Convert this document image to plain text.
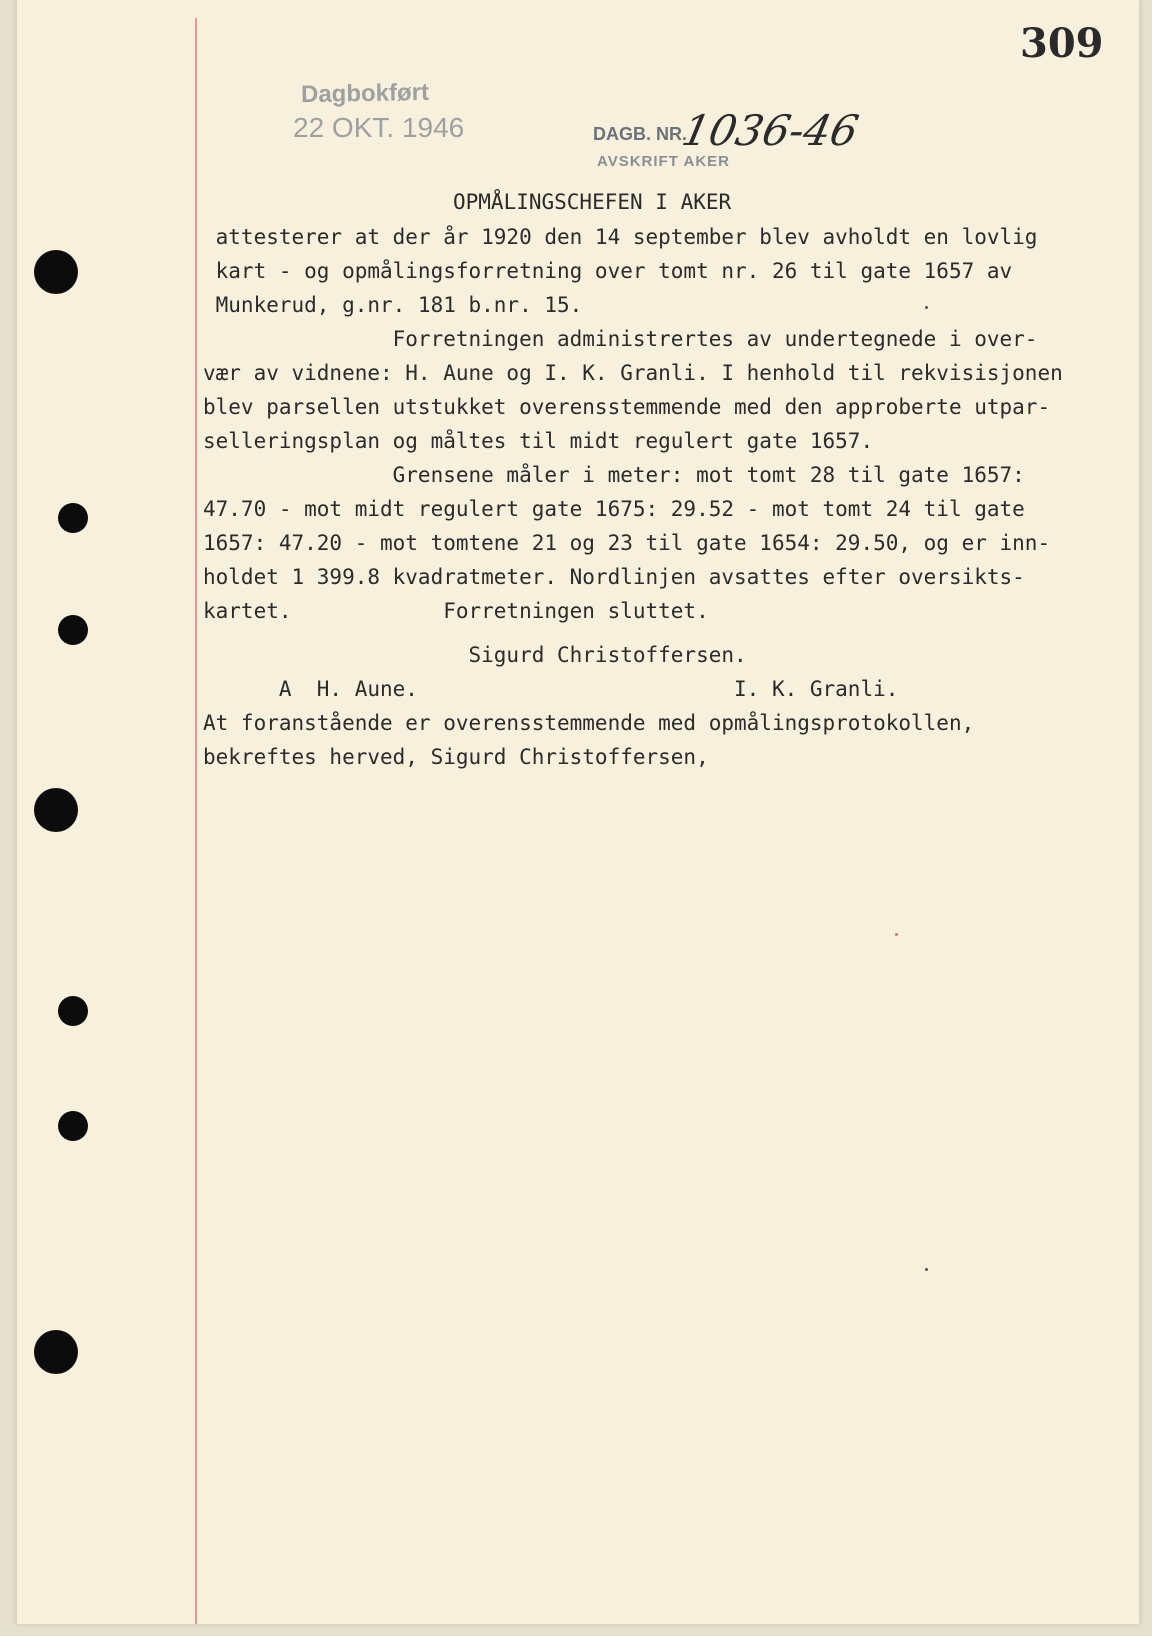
309
Dagbokført
22 OKT. 1946	DAGB. NR.
1036-46
AVSKRIFT AKER
OPMÅLINGSCHEFEN I AKER
attesterer at der år 1920 den 14 september blev avholdt en lovlig
kart - og opmålingsforretning over tomt nr. 26 til gate 1657 av
Munkerud, g.nr. 181 b.nr. 15.
Forretningen administrertes av undertegnede i over-
vær av vidnene: H. Aune og I. K. Granli. I henhold til rekvisisjonen
blev parsellen utstukket overensstemmende med den approberte utpar-
selleringsplan og måltes til midt regulert gate 1657.
Grensene måler i meter: mot tomt 28 til gate 1657:
47.70 - mot midt regulert gate 1675: 29.52 - mot tomt 24 til gate
1657: 47.20 - mot tomtene 21 og 23 til gate 1654: 29.50, og er inn-
holdet 1 399.8 kvadratmeter. Nordlinjen avsattes efter oversikts-
kartet.            Forretningen sluttet.
Sigurd Christoffersen.
A  H. Aune.                         I. K. Granli.
At foranstående er overensstemmende med opmålingsprotokollen,
bekreftes herved, Sigurd Christoffersen,
